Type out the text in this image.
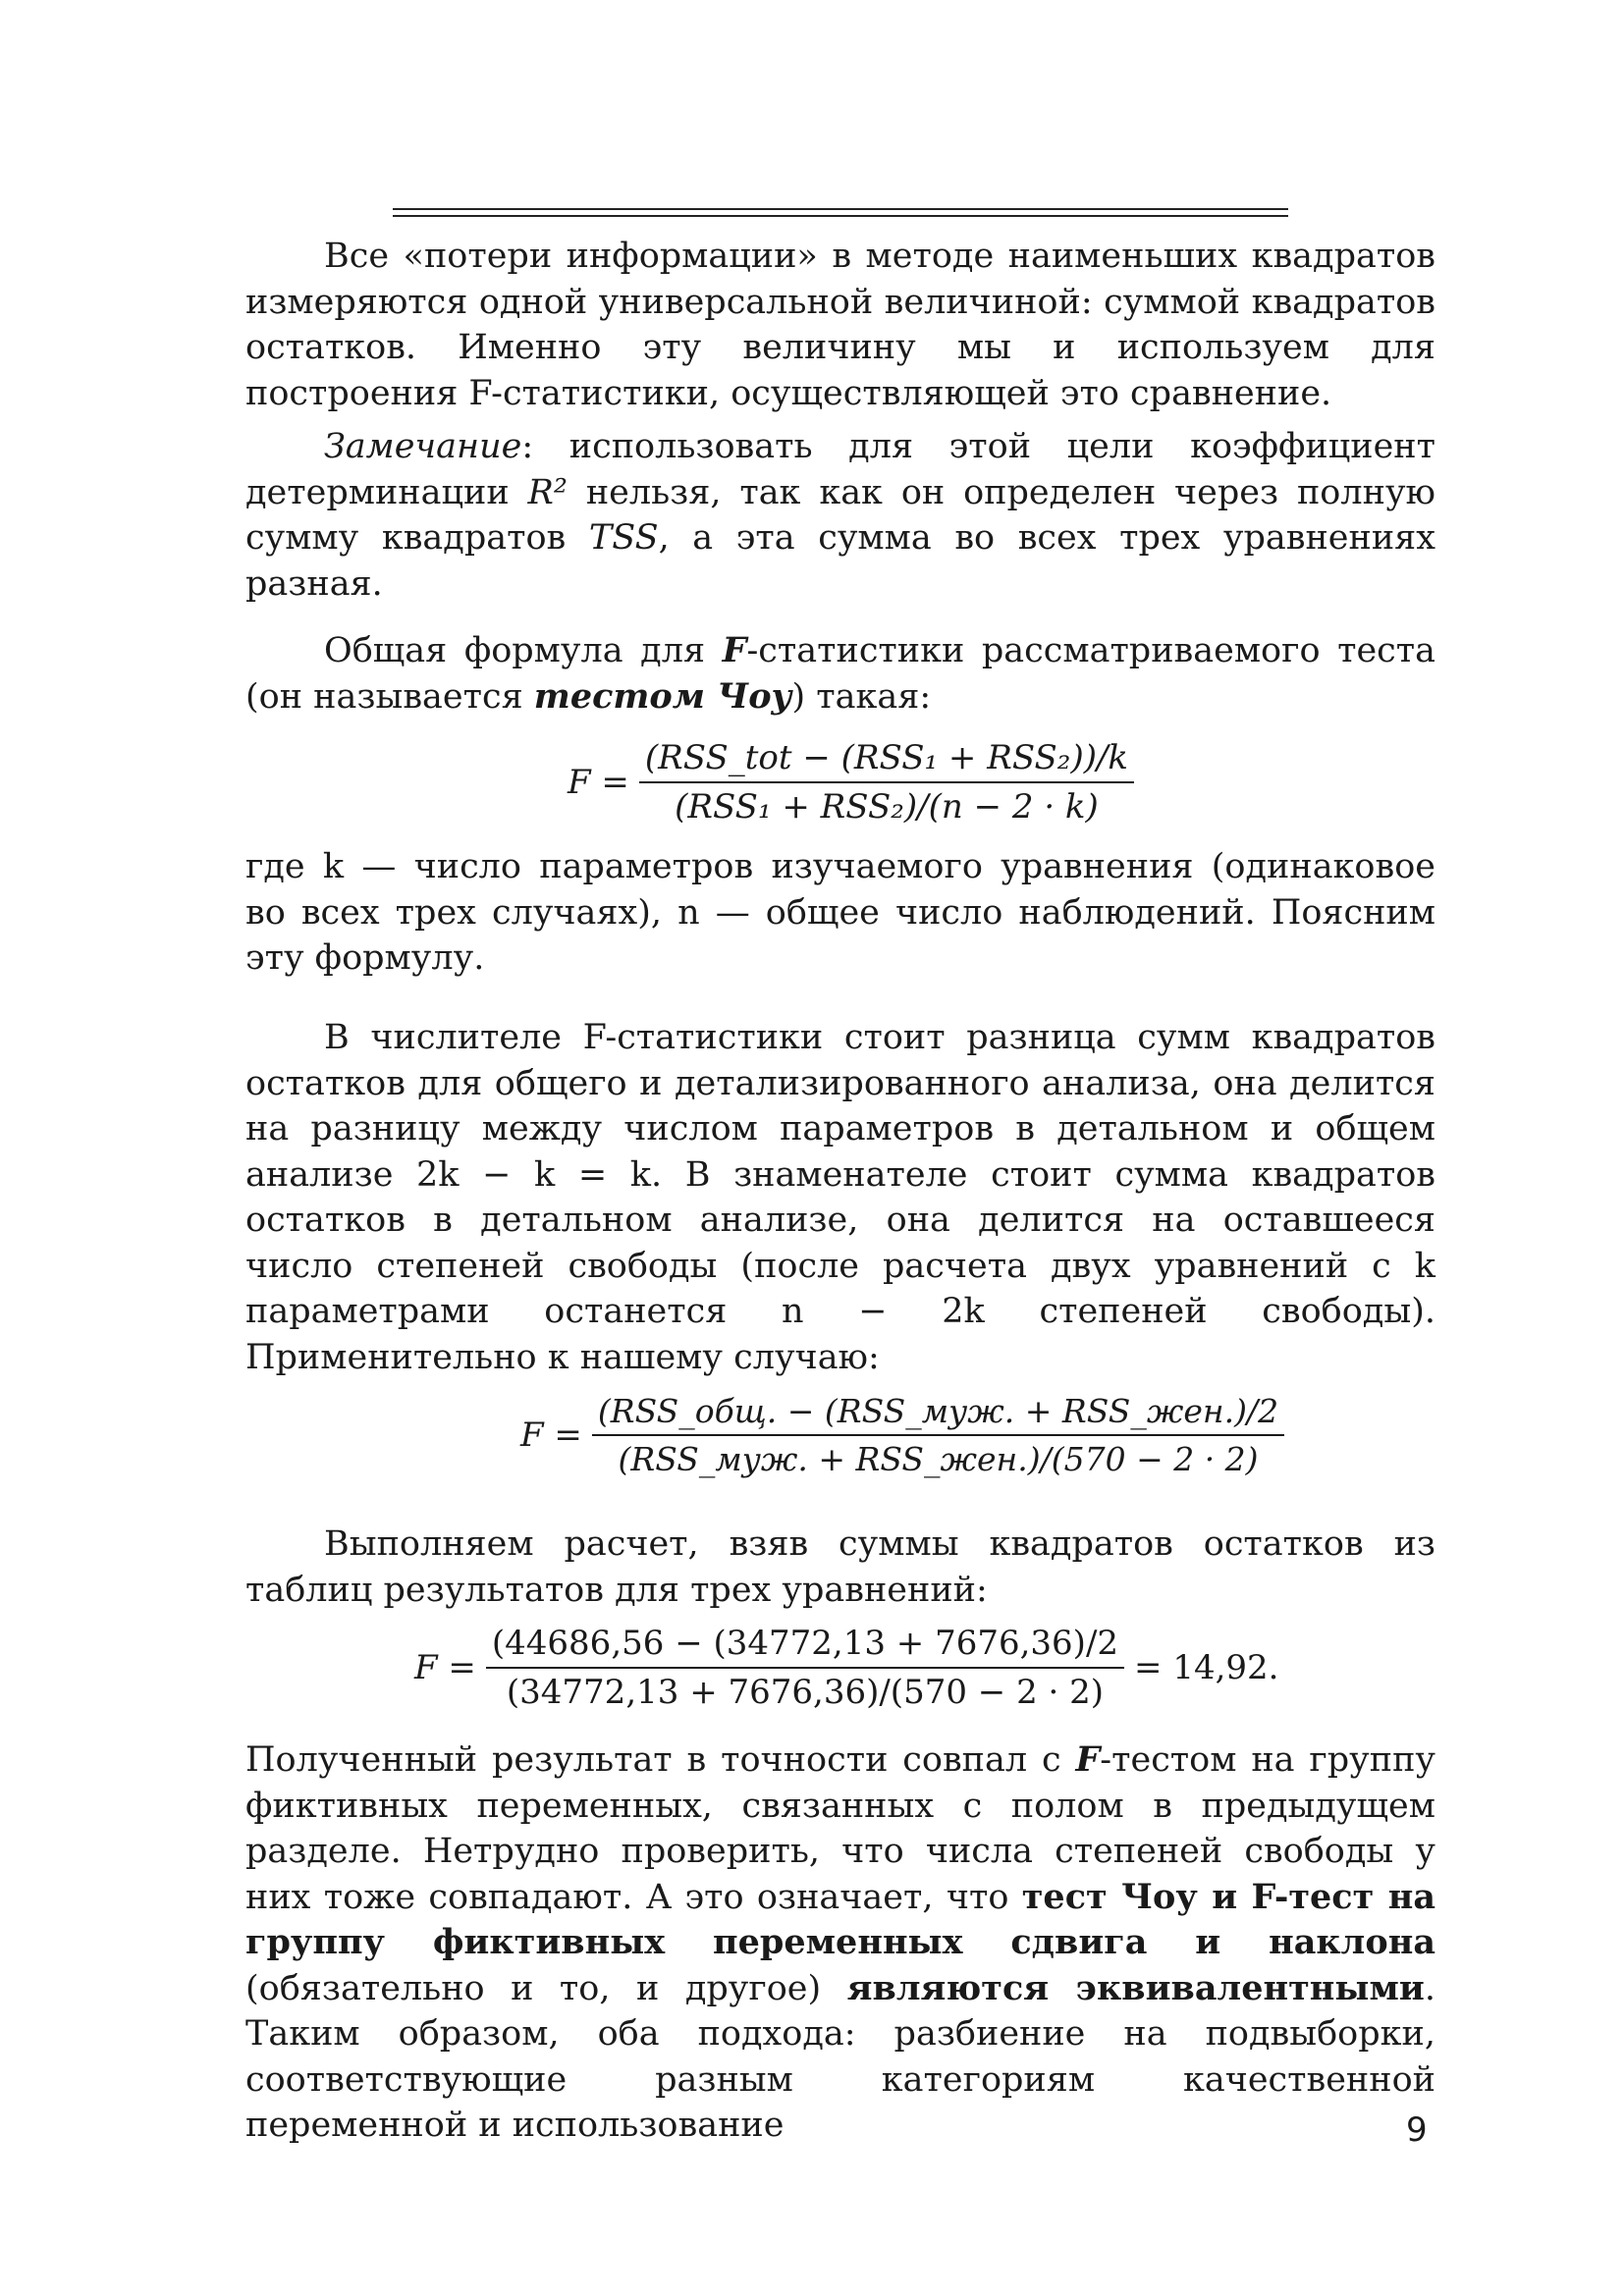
Все «потери информации» в методе наименьших квадратов измеряются одной универсальной величиной: суммой квадратов остатков. Именно эту величину мы и используем для построения F-статистики, осуществляющей это сравнение.

Замечание: использовать для этой цели коэффициент детерминации R² нельзя, так как он определен через полную сумму квадратов TSS, а эта сумма во всех трех уравнениях разная.

Общая формула для F-статистики рассматриваемого теста (он называется тестом Чоу) такая:

$F = \frac{\text{(RSS\_tot − (RSS₁ + RSS₂))/k}}{\text{(RSS₁ + RSS₂)/(n − 2 · k)}}$

где k — число параметров изучаемого уравнения (одинаковое во всех трех случаях), n — общее число наблюдений. Поясним эту формулу.

В числителе F-статистики стоит разница сумм квадратов остатков для общего и детализированного анализа, она делится на разницу между числом параметров в детальном и общем анализе 2k − k = k. В знаменателе стоит сумма квадратов остатков в детальном анализе, она делится на оставшееся число степеней свободы (после расчета двух уравнений с k параметрами останется n − 2k степеней свободы). Применительно к нашему случаю:

$F = \frac{\text{(RSS\_общ. − (RSS\_муж. + RSS\_жен.)/2}}{\text{(RSS\_муж. + RSS\_жен.)/(570 − 2 · 2)}}$

Выполняем расчет, взяв суммы квадратов остатков из таблиц результатов для трех уравнений:

$F = \frac{(44686,56 - (34772,13 + 7676,36)/2}{(34772,13 + 7676,36)/(570 - 2 \cdot 2)} = 14,92$.

Полученный результат в точности совпал с F-тестом на группу фиктивных переменных, связанных с полом в предыдущем разделе. Нетрудно проверить, что числа степеней свободы у них тоже совпадают. А это означает, что тест Чоу и F-тест на группу фиктивных переменных сдвига и наклона (обязательно и то, и другое) являются эквивалентными. Таким образом, оба подхода: разбиение на подвыборки, соответствующие разным категориям качественной переменной и использование	9
